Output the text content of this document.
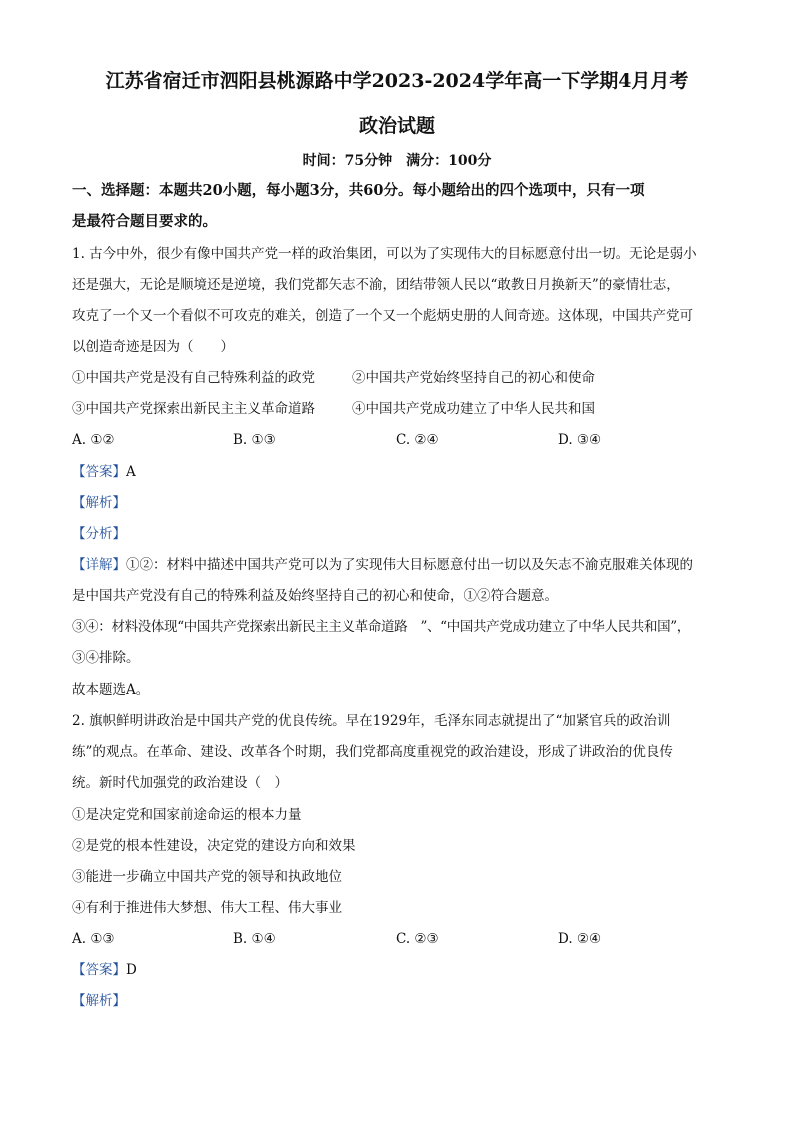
江苏省宿迁市泗阳县桃源路中学2023-2024学年高一下学期4月月考
政治试题
时间：75分钟　满分：100分
一、选择题：本题共20小题，每小题3分，共60分。每小题给出的四个选项中，只有一项
是最符合题目要求的。
1. 古今中外，很少有像中国共产党一样的政治集团，可以为了实现伟大的目标愿意付出一切。无论是弱小
还是强大，无论是顺境还是逆境，我们党都矢志不渝，团结带领人民以“敢教日月换新天”的豪情壮志，
攻克了一个又一个看似不可攻克的难关，创造了一个又一个彪炳史册的人间奇迹。这体现，中国共产党可
以创造奇迹是因为（　　）
①中国共产党是没有自己特殊利益的政党	②中国共产党始终坚持自己的初心和使命
③中国共产党探索出新民主主义革命道路	④中国共产党成功建立了中华人民共和国
A. ①②	B. ①③	C. ②④	D. ③④
【答案】A
【解析】
【分析】
【详解】①②：材料中描述中国共产党可以为了实现伟大目标愿意付出一切以及矢志不渝克服难关体现的
是中国共产党没有自己的特殊利益及始终坚持自己的初心和使命，①②符合题意。
③④：材料没体现“中国共产党探索出新民主主义革命道路　”、“中国共产党成功建立了中华人民共和国”，
③④排除。
故本题选A。
2. 旗帜鲜明讲政治是中国共产党的优良传统。早在1929年，毛泽东同志就提出了“加紧官兵的政治训
练”的观点。在革命、建设、改革各个时期，我们党都高度重视党的政治建设，形成了讲政治的优良传
统。新时代加强党的政治建设（　）
①是决定党和国家前途命运的根本力量
②是党的根本性建设，决定党的建设方向和效果
③能进一步确立中国共产党的领导和执政地位
④有利于推进伟大梦想、伟大工程、伟大事业
A. ①③	B. ①④	C. ②③	D. ②④
【答案】D
【解析】
